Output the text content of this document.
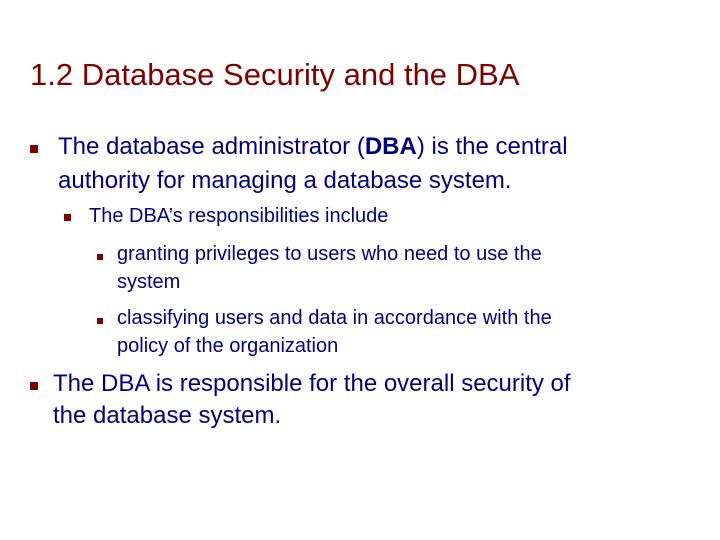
1.2 Database Security and the DBA
The database administrator (DBA) is the central
authority for managing a database system.
The DBA’s responsibilities include
granting privileges to users who need to use the
system
classifying users and data in accordance with the
policy of the organization
The DBA is responsible for the overall security of
the database system.
